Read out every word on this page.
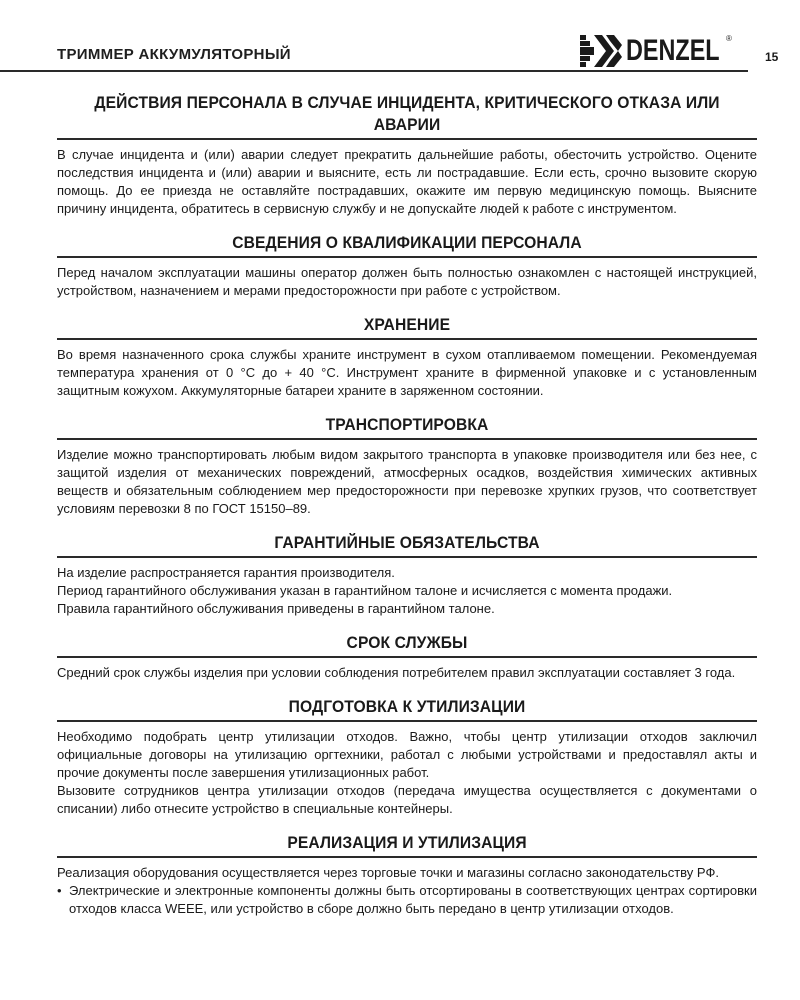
ТРИММЕР АККУМУЛЯТОРНЫЙ	DENZEL ®
15
ДЕЙСТВИЯ ПЕРСОНАЛА В СЛУЧАЕ ИНЦИДЕНТА, КРИТИЧЕСКОГО ОТКАЗА ИЛИ АВАРИИ

В случае инцидента и (или) аварии следует прекратить дальнейшие работы, обесточить устройство. Оцените последствия инцидента и (или) аварии и выясните, есть ли пострадавшие. Если есть, срочно вызовите скорую помощь. До ее приезда не оставляйте пострадавших, окажите им первую медицинскую помощь. Выясните причину инцидента, обратитесь в сервисную службу и не допускайте людей к работе с инструментом.

СВЕДЕНИЯ О КВАЛИФИКАЦИИ ПЕРСОНАЛА

Перед началом эксплуатации машины оператор должен быть полностью ознакомлен с настоящей инструкцией, устройством, назначением и мерами предосторожности при работе с устройством.

ХРАНЕНИЕ

Во время назначенного срока службы храните инструмент в сухом отапливаемом помещении. Рекомендуемая температура хранения от 0 °С до + 40 °С. Инструмент храните в фирменной упаковке и с установленным защитным кожухом. Аккумуляторные батареи храните в заряженном состоянии.

ТРАНСПОРТИРОВКА

Изделие можно транспортировать любым видом закрытого транспорта в упаковке производителя или без нее, с защитой изделия от механических повреждений, атмосферных осадков, воздействия химических активных веществ и обязательным соблюдением мер предосторожности при перевозке хрупких грузов, что соответствует условиям перевозки 8 по ГОСТ 15150–89.

ГАРАНТИЙНЫЕ ОБЯЗАТЕЛЬСТВА

На изделие распространяется гарантия производителя.

Период гарантийного обслуживания указан в гарантийном талоне и исчисляется с момента продажи.

Правила гарантийного обслуживания приведены в гарантийном талоне.

СРОК СЛУЖБЫ

Средний срок службы изделия при условии соблюдения потребителем правил эксплуатации составляет 3 года.

ПОДГОТОВКА К УТИЛИЗАЦИИ

Необходимо подобрать центр утилизации отходов. Важно, чтобы центр утилизации отходов заключил официальные договоры на утилизацию оргтехники, работал с любыми устройствами и предоставлял акты и прочие документы после завершения утилизационных работ.

Вызовите сотрудников центра утилизации отходов (передача имущества осуществляется с документами о списании) либо отнесите устройство в специальные контейнеры.

РЕАЛИЗАЦИЯ И УТИЛИЗАЦИЯ

Реализация оборудования осуществляется через торговые точки и магазины согласно законодательству РФ.

• Электрические и электронные компоненты должны быть отсортированы в соответствующих центрах сортировки отходов класса WEEE, или устройство в сборе должно быть передано в центр утилизации отходов.
